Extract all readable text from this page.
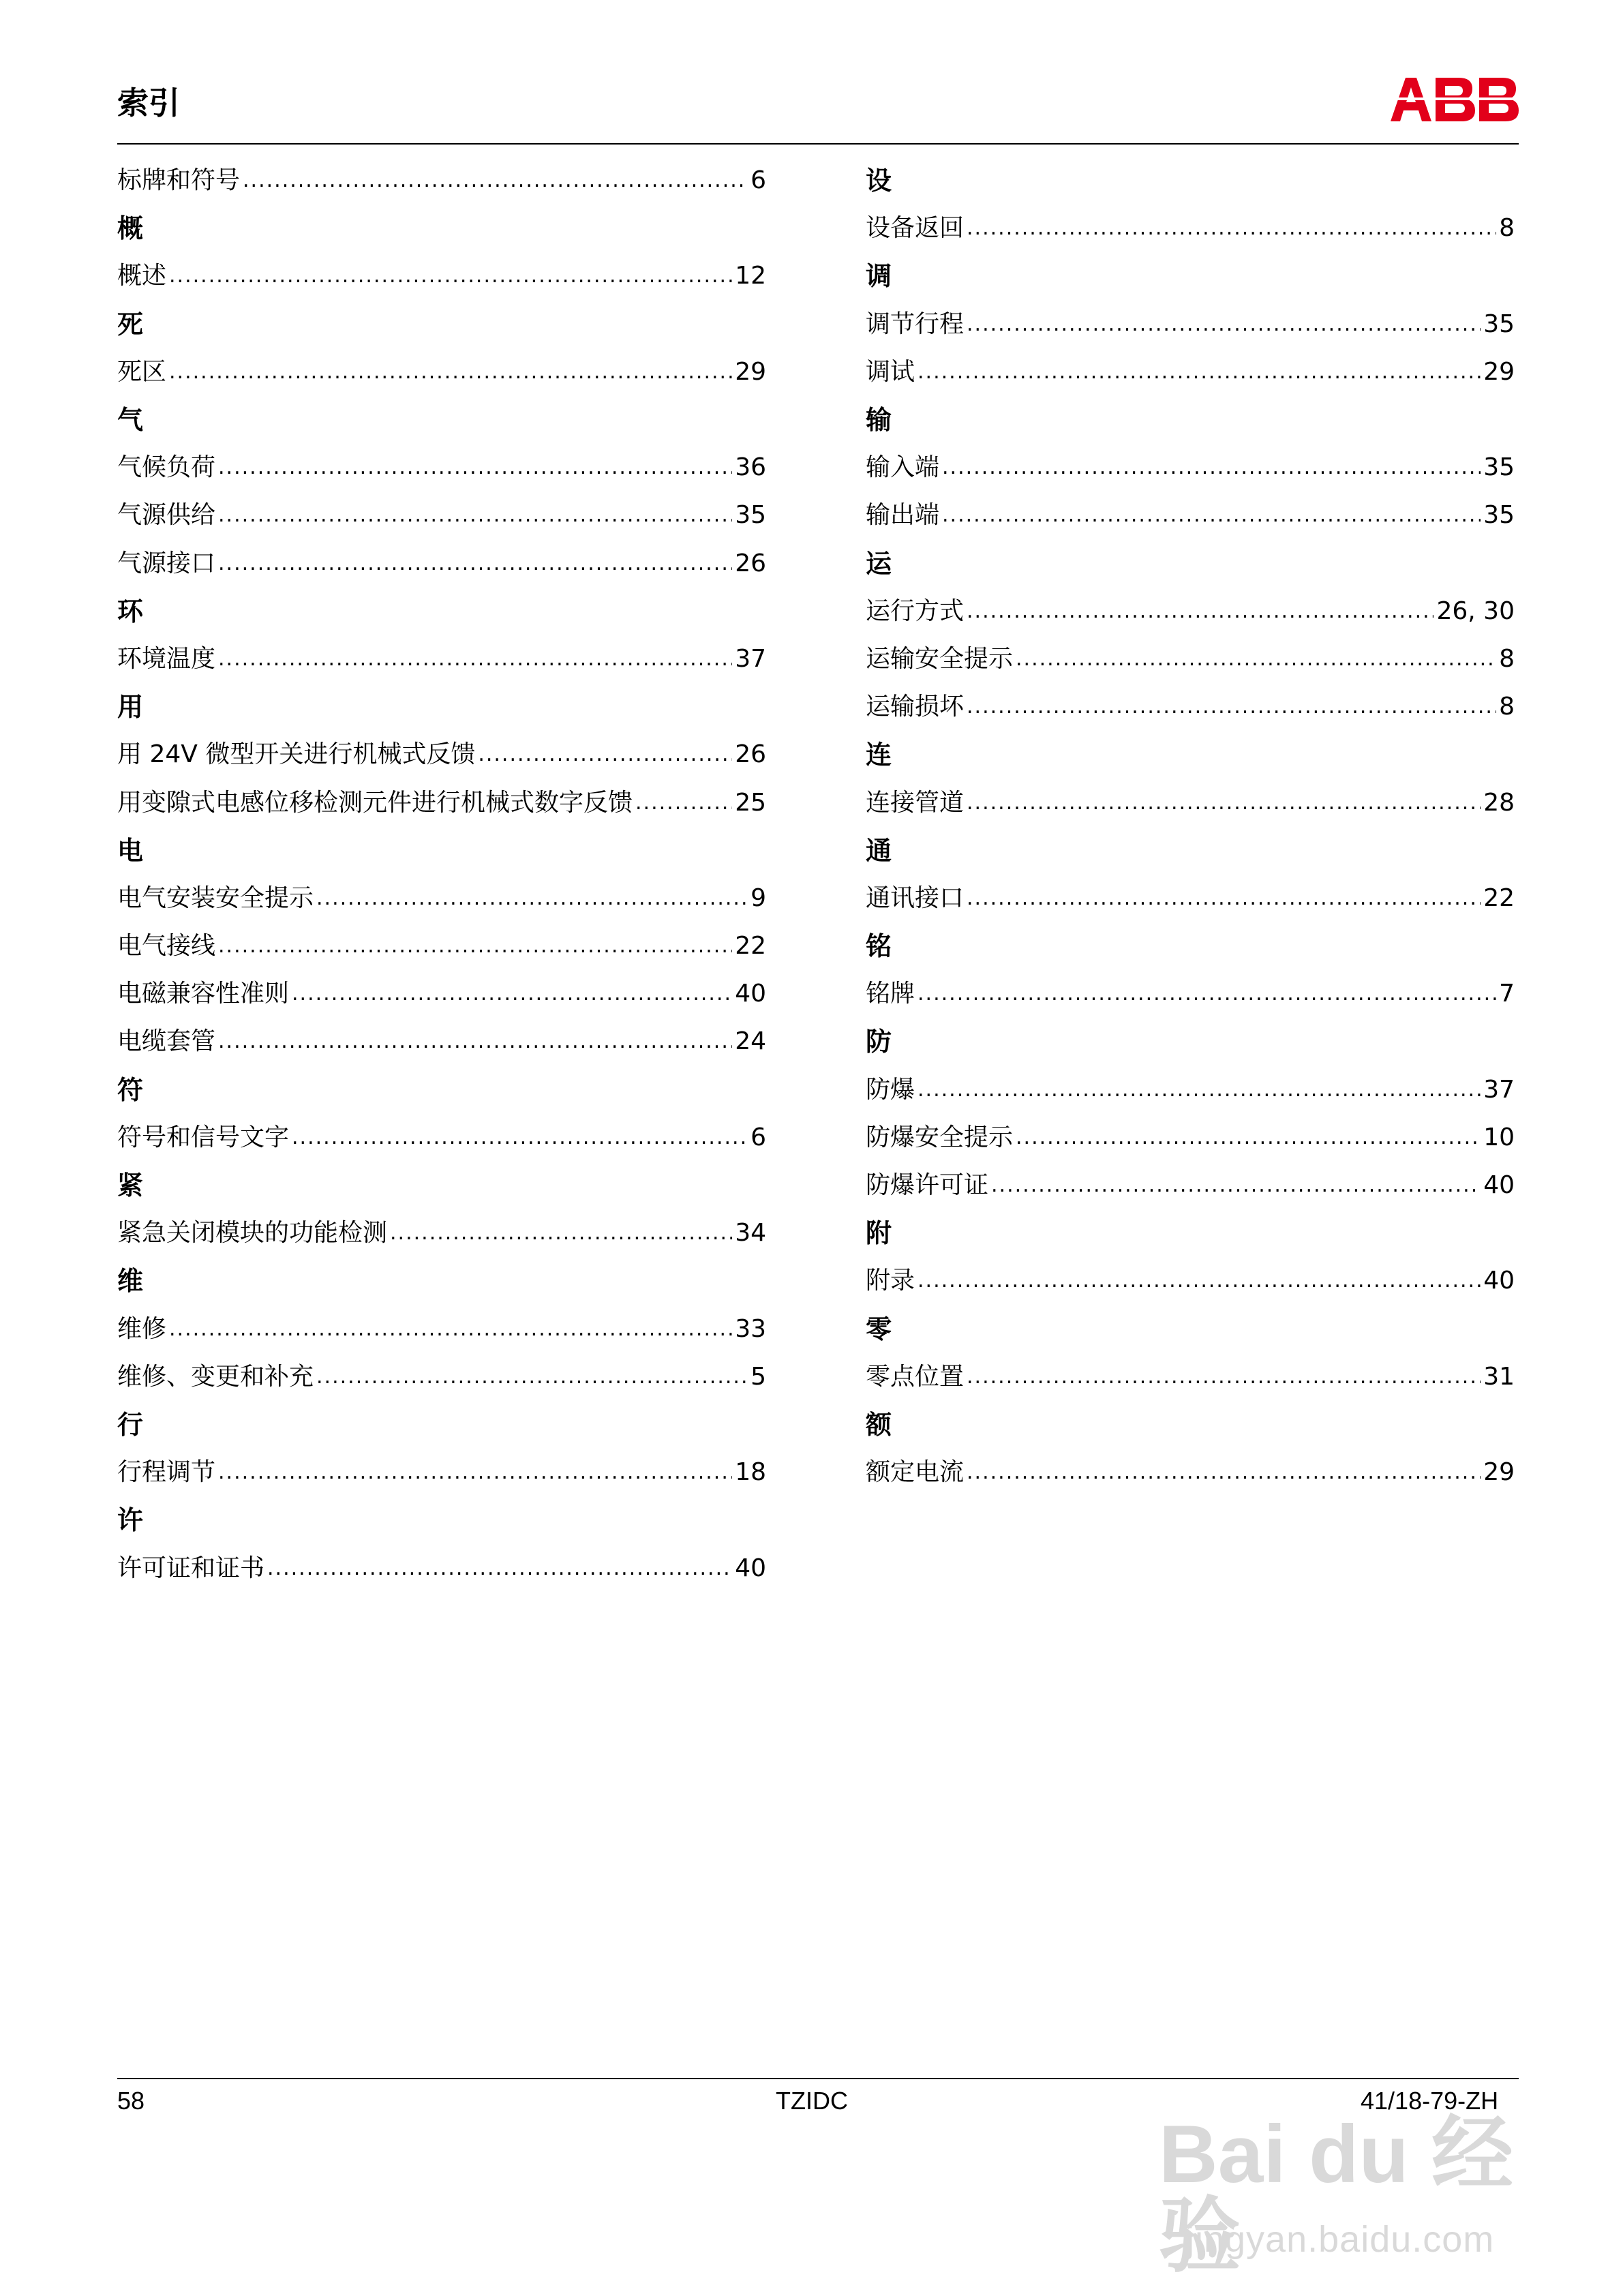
索引
标牌和符号 .....	6
概
概述 .....	12
死
死区 .....	29
气
气候负荷 .....	36
气源供给 .....	35
气源接口 .....	26
环
环境温度 .....	37
用
用 24V 微型开关进行机械式反馈 .....	26
用变隙式电感位移检测元件进行机械式数字反馈 .....	25
电
电气安装安全提示 .....	9
电气接线 .....	22
电磁兼容性准则 .....	40
电缆套管 .....	24
符
符号和信号文字 .....	6
紧
紧急关闭模块的功能检测 .....	34
维
维修 .....	33
维修、变更和补充 .....	5
行
行程调节 .....	18
许
许可证和证书 .....	40
设
设备返回 .....	8
调
调节行程 .....	35
调试 .....	29
输
输入端 .....	35
输出端 .....	35
运
运行方式 .....	26, 30
运输安全提示 .....	8
运输损坏 .....	8
连
连接管道 .....	28
通
通讯接口 .....	22
铭
铭牌 .....	7
防
防爆 .....	37
防爆安全提示 .....	10
防爆许可证 .....	40
附
附录 .....	40
零
零点位置 .....	31
额
额定电流 .....	29
58	TZIDC	41/18-79-ZH
Bai du 经验
jingyan.baidu.com
